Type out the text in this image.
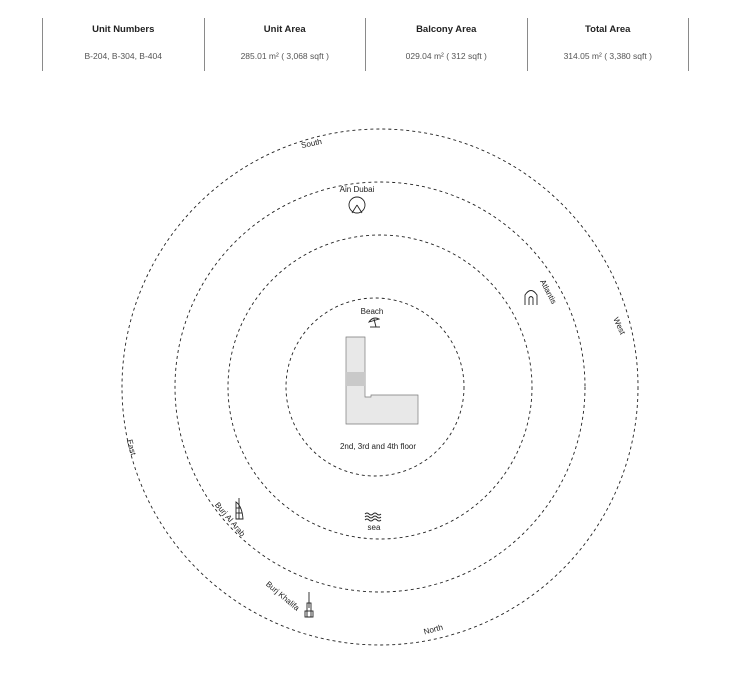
Unit Numbers
B-204, B-304, B-404
Unit Area
285.01 m² ( 3,068 sqft )
Balcony Area
029.04 m² ( 312 sqft )
Total Area
314.05 m² ( 3,380 sqft )
South
West
East
North
Ain Dubai
Atlantis
Beach
2nd, 3rd and 4th floor
sea
Burj Al Arab
Burj Khalifa
